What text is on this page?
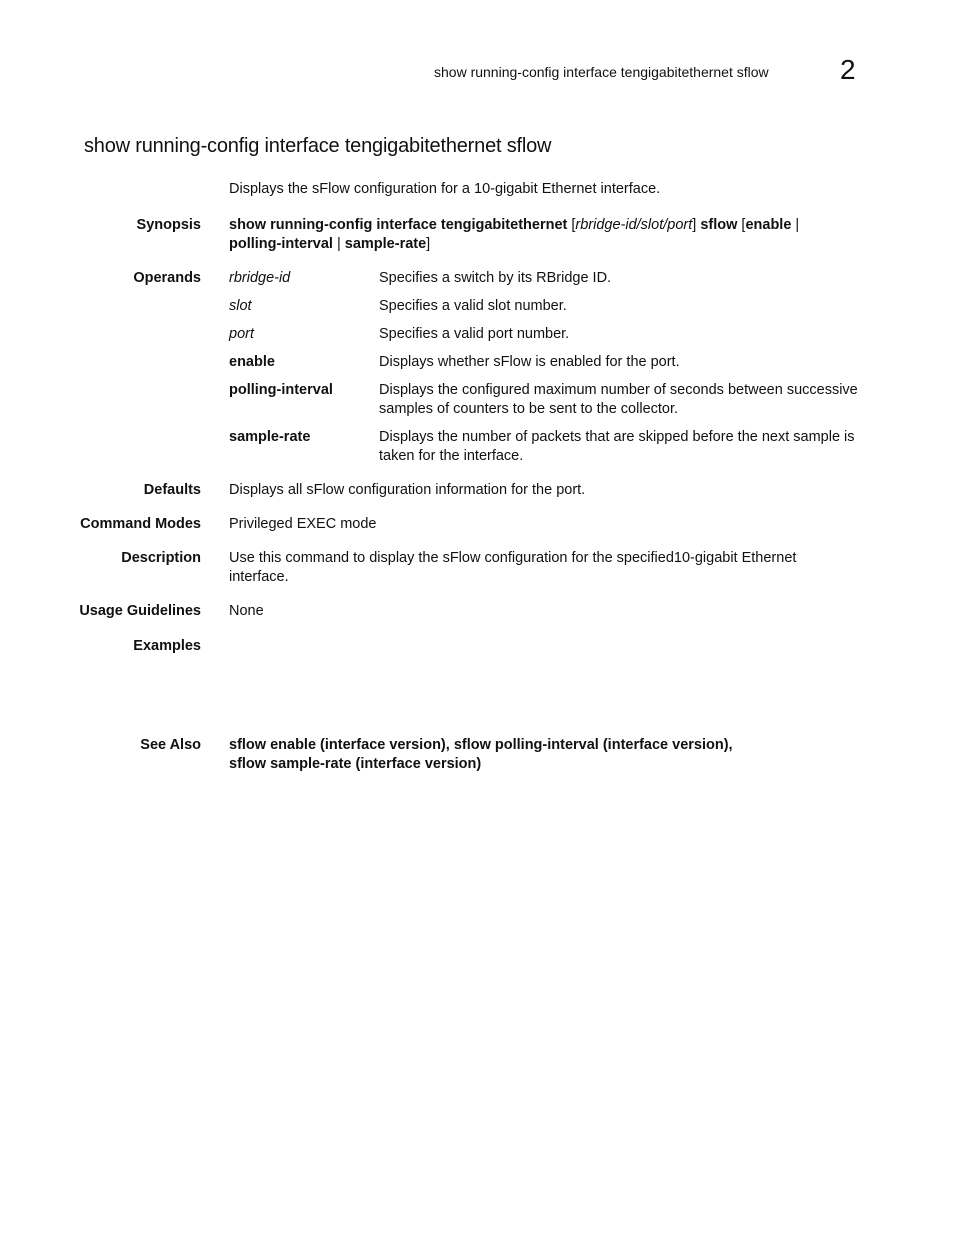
show running-config interface tengigabitethernet sflow	2
show running-config interface tengigabitethernet sflow
Displays the sFlow configuration for a 10-gigabit Ethernet interface.
Synopsis show running-config interface tengigabitethernet [rbridge-id/slot/port] sflow [enable |
polling-interval | sample-rate]
Operands rbridge-id	Specifies a switch by its RBridge ID.
slot	Specifies a valid slot number.
port	Specifies a valid port number.
enable	Displays whether sFlow is enabled for the port.
polling-interval	Displays the configured maximum number of seconds between successive samples of counters to be sent to the collector.
sample-rate	Displays the number of packets that are skipped before the next sample is taken for the interface.
Defaults Displays all sFlow configuration information for the port.
Command Modes Privileged EXEC mode
Description Use this command to display the sFlow configuration for the specified10-gigabit Ethernet interface.
Usage Guidelines None
Examples
See Also sflow enable (interface version), sflow polling-interval (interface version),
sflow sample-rate (interface version)
